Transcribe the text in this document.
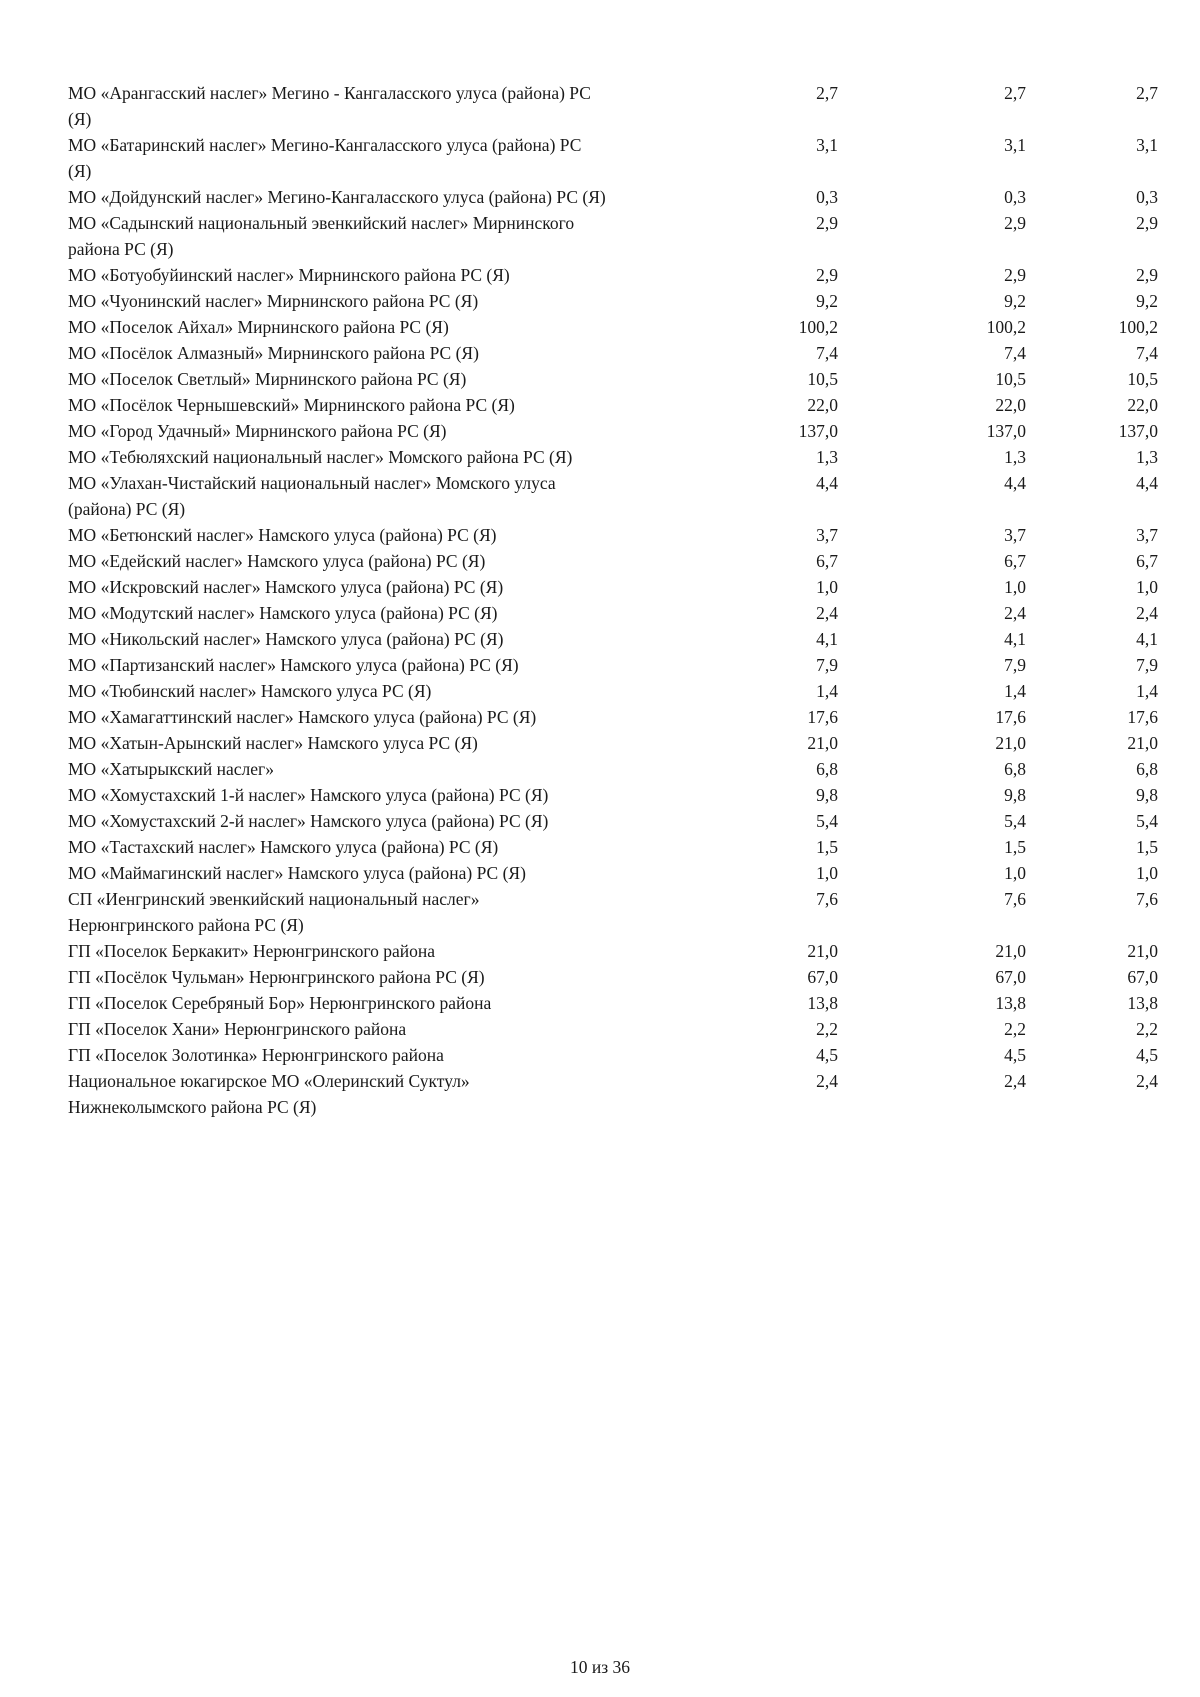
МО «Арангасский наслег» Мегино - Кангаласского улуса (района) РС (Я)	2,7	2,7	2,7
МО «Батаринский наслег» Мегино-Кангаласского улуса (района) РС (Я)	3,1	3,1	3,1
МО «Дойдунский наслег» Мегино-Кангаласского улуса (района) РС (Я)	0,3	0,3	0,3
МО «Садынский национальный эвенкийский наслег» Мирнинского района РС (Я)	2,9	2,9	2,9
МО «Ботуобуйинский наслег» Мирнинского района РС (Я)	2,9	2,9	2,9
МО «Чуонинский наслег» Мирнинского района РС (Я)	9,2	9,2	9,2
МО «Поселок Айхал» Мирнинского района РС (Я)	100,2	100,2	100,2
МО «Посёлок Алмазный» Мирнинского района РС (Я)	7,4	7,4	7,4
МО «Поселок Светлый» Мирнинского района РС (Я)	10,5	10,5	10,5
МО «Посёлок Чернышевский» Мирнинского района РС (Я)	22,0	22,0	22,0
МО «Город Удачный» Мирнинского района РС (Я)	137,0	137,0	137,0
МО «Тебюляхский национальный наслег» Момского района РС (Я)	1,3	1,3	1,3
МО «Улахан-Чистайский национальный наслег» Момского улуса (района) РС (Я)	4,4	4,4	4,4
МО «Бетюнский наслег» Намского улуса (района) РС (Я)	3,7	3,7	3,7
МО «Едейский наслег» Намского улуса (района) РС (Я)	6,7	6,7	6,7
МО «Искровский наслег» Намского улуса (района) РС (Я)	1,0	1,0	1,0
МО «Модутский наслег» Намского улуса (района) РС (Я)	2,4	2,4	2,4
МО «Никольский наслег» Намского улуса (района) РС (Я)	4,1	4,1	4,1
МО «Партизанский наслег» Намского улуса (района) РС (Я)	7,9	7,9	7,9
МО «Тюбинский наслег» Намского улуса РС (Я)	1,4	1,4	1,4
МО «Хамагаттинский наслег» Намского улуса (района) РС (Я)	17,6	17,6	17,6
МО «Хатын-Арынский наслег» Намского улуса РС (Я)	21,0	21,0	21,0
МО «Хатырыкский наслег»	6,8	6,8	6,8
МО «Хомустахский 1-й наслег» Намского улуса (района) РС (Я)	9,8	9,8	9,8
МО «Хомустахский 2-й наслег» Намского улуса (района) РС (Я)	5,4	5,4	5,4
МО «Тастахский наслег» Намского улуса (района) РС (Я)	1,5	1,5	1,5
МО «Маймагинский наслег» Намского улуса (района) РС (Я)	1,0	1,0	1,0
СП «Иенгринский эвенкийский национальный наслег» Нерюнгринского района РС (Я)	7,6	7,6	7,6
ГП «Поселок Беркакит» Нерюнгринского района	21,0	21,0	21,0
ГП «Посёлок Чульман» Нерюнгринского района РС (Я)	67,0	67,0	67,0
ГП «Поселок Серебряный Бор» Нерюнгринского района	13,8	13,8	13,8
ГП «Поселок Хани» Нерюнгринского района	2,2	2,2	2,2
ГП «Поселок Золотинка» Нерюнгринского района	4,5	4,5	4,5
Национальное юкагирское МО «Олеринский Суктул» Нижнеколымского района РС (Я)	2,4	2,4	2,4
10 из 36
